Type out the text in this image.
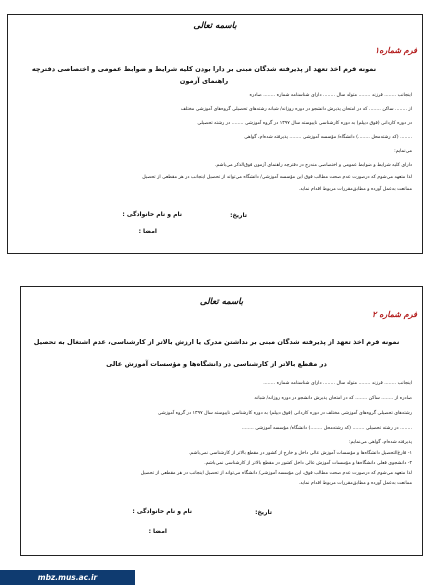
باسمه تعالی
فرم شماره۱
نمونه فرم اخذ تعهد از پذیرفته شدگان مبنی بر دارا بودن کلیه شرایط و ضوابط عمومی و اختصاصی دفترچه راهنمای آزمون
اینجانب ........ فرزند ........ متولد سال ........ دارای شناسنامه شماره ........ صادره
از ........ ساکن ........ که در امتحان پذیرش دانشجو در دوره روزانه/ شبانه رشته‌های تحصیلی گروه‌های آموزشی مختلف
در دوره کاردانی (فوق دیپلم) به دوره کارشناسی ناپیوسته سال ۱۳۹۷ در گروه آموزشی ........ در رشته تحصیلی
........ (کد رشته‌محل ........) دانشگاه/ مؤسسه آموزشی ........ پذیرفته شده‌ام، گواهی
می‌نمایم:
دارای کلیه شرایط و ضوابط عمومی و اختصاصی مندرج در دفترچه راهنمای آزمون فوق‌الذکر می‌باشم.
لذا متعهد می‌شوم که درصورت عدم صحت مطالب فوق این مؤسسه آموزشی/ دانشگاه می‌تواند از تحصیل اینجانب در هر مقطعی از تحصیل
ممانعت به‌عمل آورده و مطابق‌مقررات مربوط اقدام نماید.
تاریخ:
نام و نام خانوادگی :
امضا :
باسمه تعالی
فرم شماره ۲
نمونه فرم اخذ تعهد از پذیرفته شدگان مبنی بر نداشتن مدرک یا ارزش بالاتر از کارشناسی، عدم اشتغال به تحصیل
در مقطع بالاتر از کارشناسی در دانشگاه‌ها و مؤسسات آموزش عالی
اینجانب ........ فرزند ........ متولد سال ........ دارای شناسنامه شماره ........
صادره از ........ ساکن ........ که در امتحان پذیرش دانشجو در دوره روزانه/ شبانه
رشته‌های تحصیلی گروه‌های آموزشی مختلف در دوره کاردانی (فوق دیپلم) به دوره کارشناسی ناپیوسته سال ۱۳۹۷ در گروه آموزشی
........ در رشته تحصیلی ........ (کد رشته‌محل ........) دانشگاه/ مؤسسه آموزشی ........
پذیرفته شده‌ام، گواهی می‌نمایم:
۱- فارغ‌التحصیل دانشگاه‌ها و مؤسسات آموزش عالی داخل و خارج از کشور در مقطع بالاتر از کارشناسی نمی‌باشم.
۲- دانشجوی فعلی دانشگاه‌ها و مؤسسات آموزش عالی داخل کشور در مقطع بالاتر از کارشناسی نمی‌باشم.
لذا متعهد می‌شوم که درصورت عدم صحت مطالب فوق، این مؤسسه آموزشی/ دانشگاه می‌تواند از تحصیل اینجانب در هر مقطعی از تحصیل
ممانعت به‌عمل آورده و مطابق‌مقررات مربوط اقدام نماید.
تاریخ:
نام و نام خانوادگی :
امضا :
mbz.mus.ac.ir
